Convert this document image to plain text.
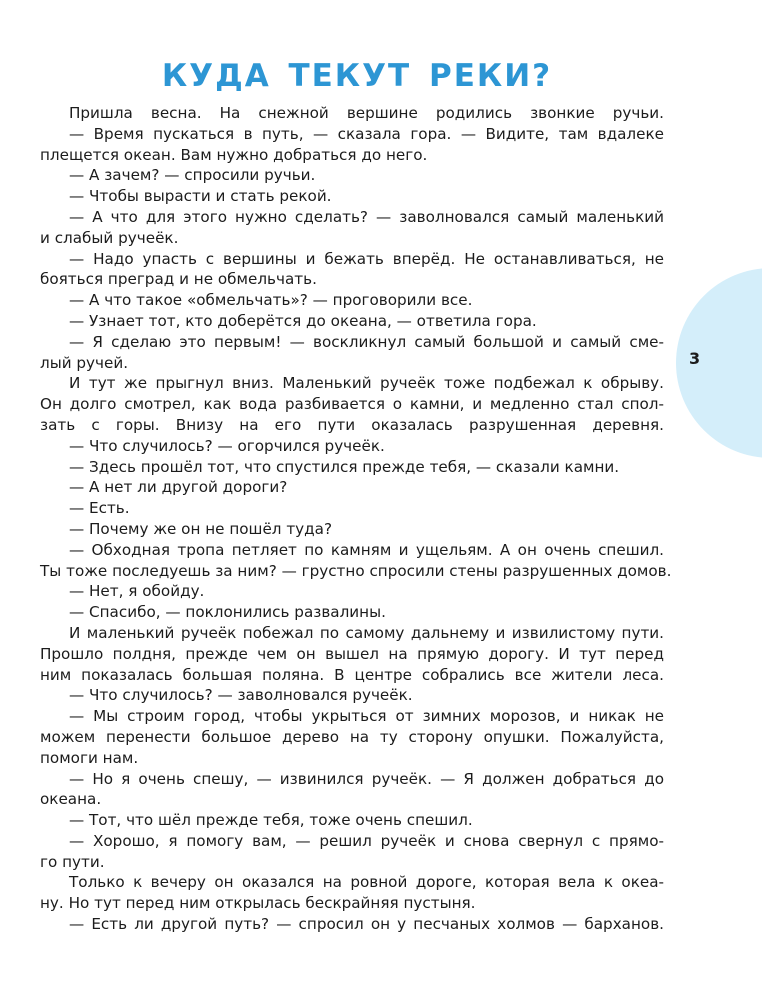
3
КУДА ТЕКУТ РЕКИ?
Пришла весна. На снежной вершине родились звонкие ручьи.
— Время пускаться в путь, — сказала гора. — Видите, там вдалеке
плещется океан. Вам нужно добраться до него.
— А зачем? — спросили ручьи.
— Чтобы вырасти и стать рекой.
— А что для этого нужно сделать? — заволновался самый маленький
и слабый ручеёк.
— Надо упасть с вершины и бежать вперёд. Не останавливаться, не
бояться преград и не обмельчать.
— А что такое «обмельчать»? — проговорили все.
— Узнает тот, кто доберётся до океана, — ответила гора.
— Я сделаю это первым! — воскликнул самый большой и самый сме-
лый ручей.
И тут же прыгнул вниз. Маленький ручеёк тоже подбежал к обрыву.
Он долго смотрел, как вода разбивается о камни, и медленно стал спол-
зать с горы. Внизу на его пути оказалась разрушенная деревня.
— Что случилось? — огорчился ручеёк.
— Здесь прошёл тот, что спустился прежде тебя, — сказали камни.
— А нет ли другой дороги?
— Есть.
— Почему же он не пошёл туда?
— Обходная тропа петляет по камням и ущельям. А он очень спешил.
Ты тоже последуешь за ним? — грустно спросили стены разрушенных домов.
— Нет, я обойду.
— Спасибо, — поклонились развалины.
И маленький ручеёк побежал по самому дальнему и извилистому пути.
Прошло полдня, прежде чем он вышел на прямую дорогу. И тут перед
ним показалась большая поляна. В центре собрались все жители леса.
— Что случилось? — заволновался ручеёк.
— Мы строим город, чтобы укрыться от зимних морозов, и никак не
можем перенести большое дерево на ту сторону опушки. Пожалуйста,
помоги нам.
— Но я очень спешу, — извинился ручеёк. — Я должен добраться до
океана.
— Тот, что шёл прежде тебя, тоже очень спешил.
— Хорошо, я помогу вам, — решил ручеёк и снова свернул с прямо-
го пути.
Только к вечеру он оказался на ровной дороге, которая вела к океа-
ну. Но тут перед ним открылась бескрайняя пустыня.
— Есть ли другой путь? — спросил он у песчаных холмов — барханов.
